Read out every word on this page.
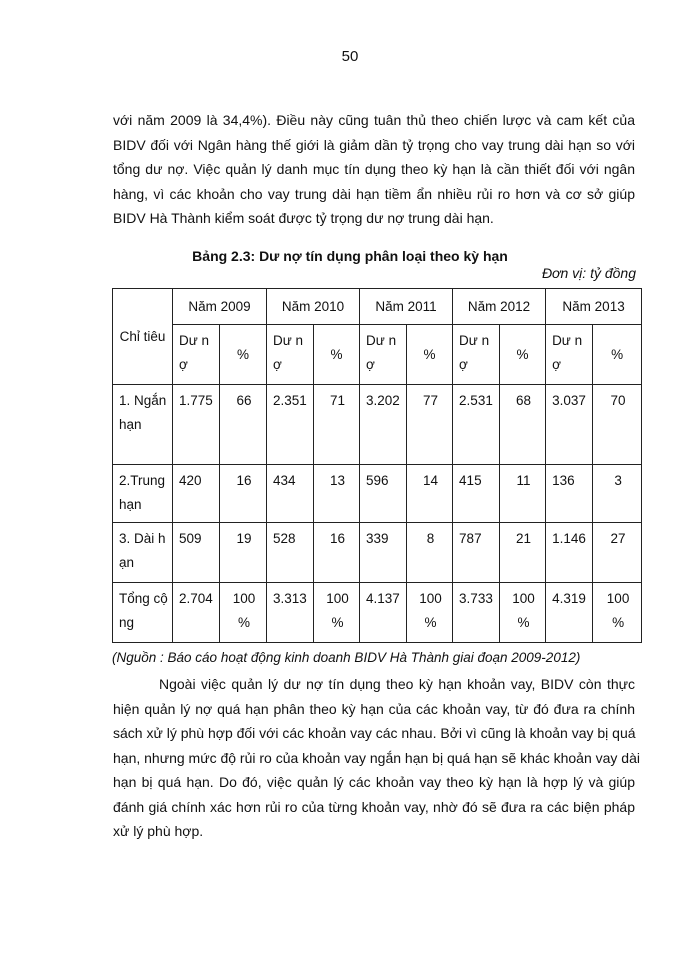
50
với năm 2009 là 34,4%). Điều này cũng tuân thủ theo chiến lược và cam kết của
BIDV đối với Ngân hàng thế giới là giảm dần tỷ trọng cho vay trung dài hạn so với
tổng dư nợ. Việc quản lý danh mục tín dụng theo kỳ hạn là cần thiết đối với ngân
hàng, vì các khoản cho vay trung dài hạn tiềm ẩn nhiều rủi ro hơn và cơ sở giúp
BIDV Hà Thành kiểm soát được tỷ trọng dư nợ trung dài hạn.
Bảng 2.3: Dư nợ tín dụng phân loại theo kỳ hạn
Đơn vị: tỷ đồng
Chỉ tiêu	Năm 2009		Năm 2010		Năm 2011		Năm 2012		Năm 2013	
	Dư nợ	%	Dư nợ	%	Dư nợ	%	Dư nợ	%	Dư nợ	%
1. Ngắn hạn	1.775	66	2.351	71	3.202	77	2.531	68	3.037	70
2.Trung hạn	420	16	434	13	596	14	415	11	136	3
3. Dài hạn	509	19	528	16	339	8	787	21	1.146	27
Tổng cộng	2.704	100 %	3.313	100 %	4.137	100 %	3.733	100 %	4.319	100 %
(Nguồn : Báo cáo hoạt động kinh doanh BIDV Hà Thành giai đoạn 2009-2012)
Ngoài việc quản lý dư nợ tín dụng theo kỳ hạn khoản vay, BIDV còn thực
hiện quản lý nợ quá hạn phân theo kỳ hạn của các khoản vay, từ đó đưa ra chính
sách xử lý phù hợp đối với các khoản vay các nhau. Bởi vì cũng là khoản vay bị quá
hạn, nhưng mức độ rủi ro của khoản vay ngắn hạn bị quá hạn sẽ khác khoản vay dài
hạn bị quá hạn. Do đó, việc quản lý các khoản vay theo kỳ hạn là hợp lý và giúp
đánh giá chính xác hơn rủi ro của từng khoản vay, nhờ đó sẽ đưa ra các biện pháp
xử lý phù hợp.
